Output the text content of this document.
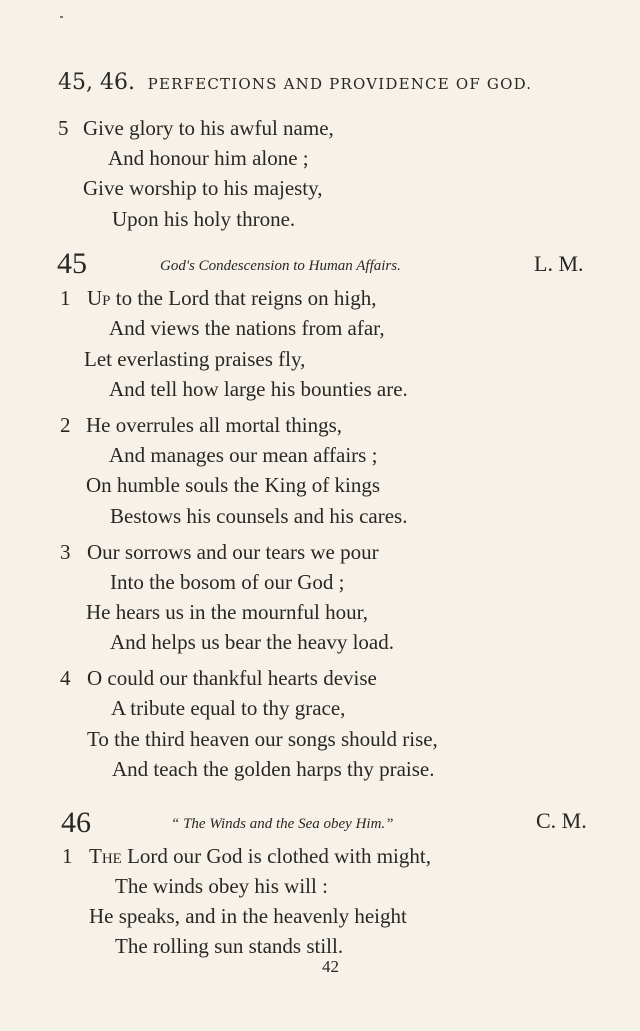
45, 46. PERFECTIONS AND PROVIDENCE OF GOD.
5 Give glory to his awful name,
And honour him alone ;
Give worship to his majesty,
Upon his holy throne.
45	God's Condescension to Human Affairs.	L. M.
1 Up to the Lord that reigns on high,
And views the nations from afar,
Let everlasting praises fly,
And tell how large his bounties are.
2 He overrules all mortal things,
And manages our mean affairs ;
On humble souls the King of kings
Bestows his counsels and his cares.
3 Our sorrows and our tears we pour
Into the bosom of our God ;
He hears us in the mournful hour,
And helps us bear the heavy load.
4 O could our thankful hearts devise
A tribute equal to thy grace,
To the third heaven our songs should rise,
And teach the golden harps thy praise.
46	“ The Winds and the Sea obey Him.”	C. M.
1 The Lord our God is clothed with might,
The winds obey his will :
He speaks, and in the heavenly height
The rolling sun stands still.
42
